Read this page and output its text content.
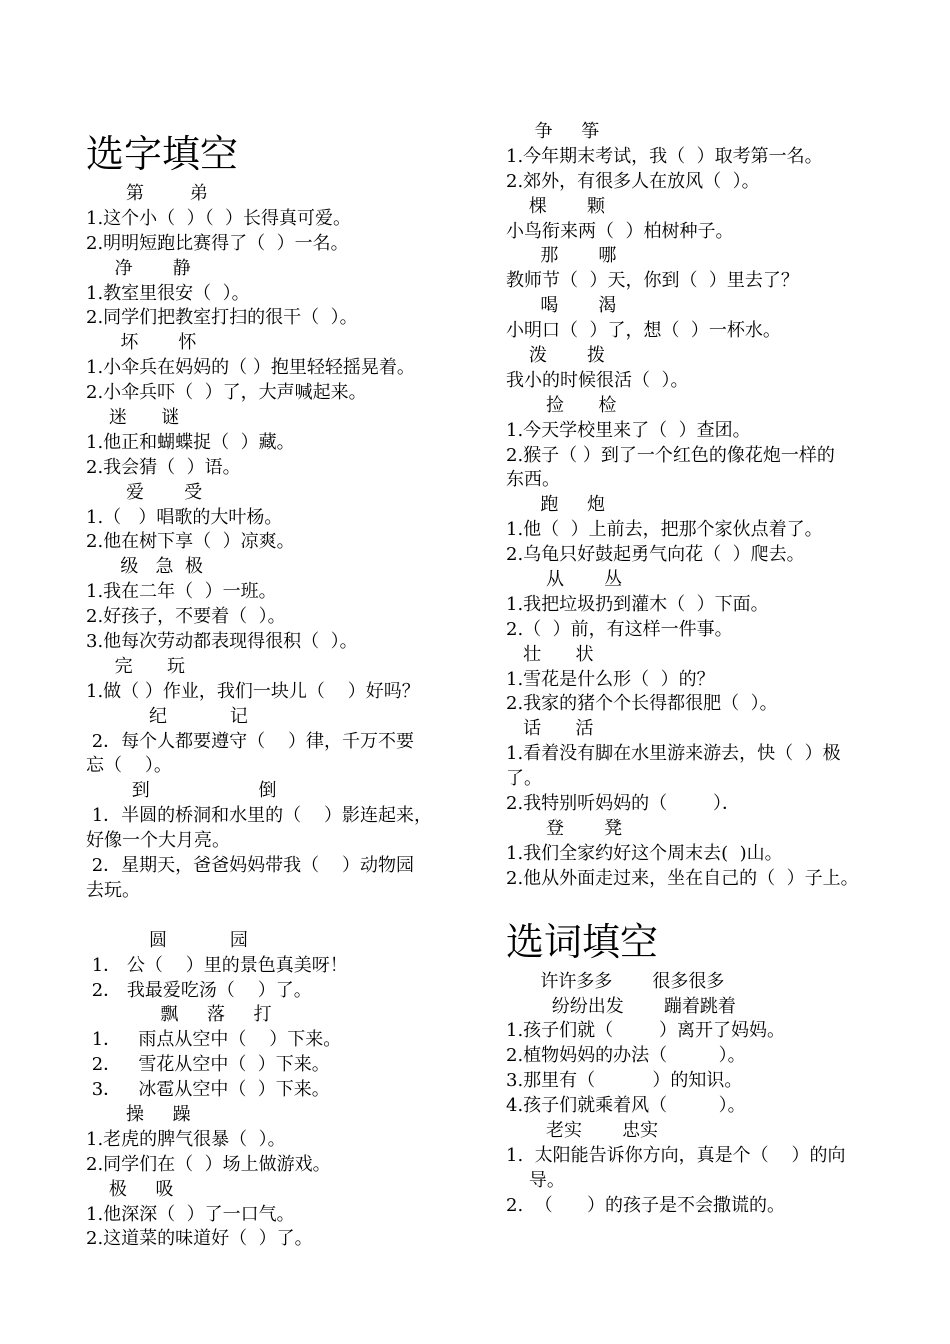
选字填空
第        弟
1.这个小（  ）（  ）长得真可爱。
2.明明短跑比赛得了（  ）一名。
净       静
1.教室里很安（  ）。
2.同学们把教室打扫的很干（  ）。
坏       怀
1.小伞兵在妈妈的（ ）抱里轻轻摇晃着。
2.小伞兵吓（  ）了，大声喊起来。
迷      谜
1.他正和蝴蝶捉（  ）藏。
2.我会猜（  ）语。
爱       受
1.（   ）唱歌的大叶杨。
2.他在树下享（  ）凉爽。
级   急  极
1.我在二年（  ）一班。
2.好孩子，不要着（  ）。
3.他每次劳动都表现得很积（  ）。
完      玩
1.做（ ）作业，我们一块儿（    ）好吗？
纪           记
2．每个人都要遵守（    ）律，千万不要
忘（    ）。
到                   倒
1．半圆的桥洞和水里的（    ）影连起来，
好像一个大月亮。
2．星期天，爸爸妈妈带我（    ）动物园
去玩。
圆           园
1． 公（    ）里的景色真美呀！
2． 我最爱吃汤（    ）了。
飘     落     打
1．   雨点从空中（    ）下来。
2．   雪花从空中（  ）下来。
3．   冰雹从空中（  ）下来。
操     躁
1.老虎的脾气很暴（  ）。
2.同学们在（  ）场上做游戏。
极     吸
1.他深深（  ）了一口气。
2.这道菜的味道好（  ）了。
争     筝
1.今年期末考试，我（  ）取考第一名。
2.郊外，有很多人在放风（  ）。
棵       颗
小鸟衔来两（  ）柏树种子。
那       哪
教师节（  ）天，你到（  ）里去了？
喝       渴
小明口（  ）了，想（  ）一杯水。
泼       拨
我小的时候很活（  ）。
捡      检
1.今天学校里来了（  ）查团。
2.猴子（ ）到了一个红色的像花炮一样的
东西。
跑     炮
1.他（  ）上前去，把那个家伙点着了。
2.乌龟只好鼓起勇气向花（  ）爬去。
从       丛
1.我把垃圾扔到灌木（  ）下面。
2.（  ）前，有这样一件事。
壮      状
1.雪花是什么形（  ）的？
2.我家的猪个个长得都很肥（  ）。
话      活
1.看着没有脚在水里游来游去，快（  ）极
了。
2.我特别听妈妈的（        ）．
登       凳
1.我们全家约好这个周末去(  )山。
2.他从外面走过来，坐在自己的（  ）子上。
选词填空
许许多多       很多很多
纷纷出发       蹦着跳着
1.孩子们就（        ）离开了妈妈。
2.植物妈妈的办法（         ）。
3.那里有（          ）的知识。
4.孩子们就乘着风（         ）。
老实       忠实
1.  太阳能告诉你方向，真是个（    ）的向
导。
2.  （      ）的孩子是不会撒谎的。
